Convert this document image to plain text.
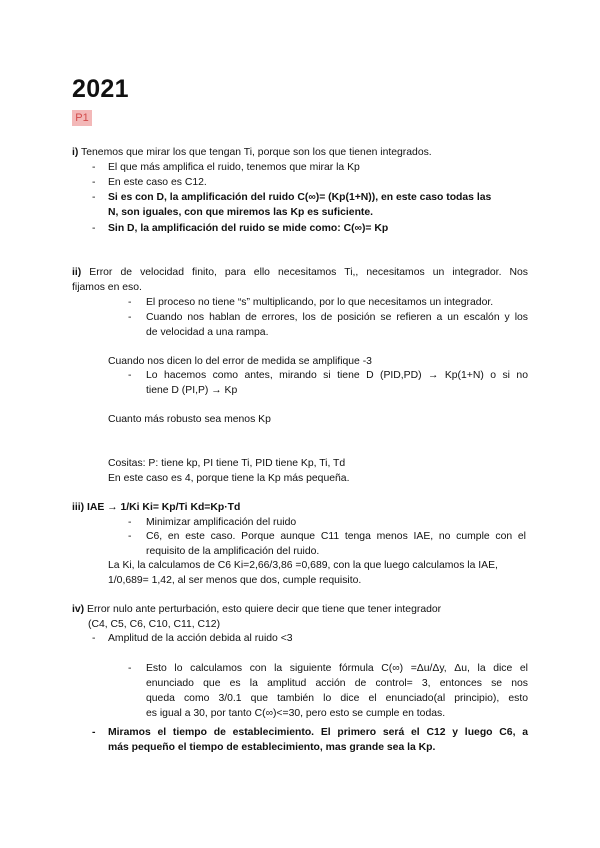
2021
P1
i) Tenemos que mirar los que tengan Ti, porque son los que tienen integrados.
- El que más amplifica el ruido, tenemos que mirar la Kp
- En este caso es C12.
- Si es con D, la amplificación del ruido C(∞)= (Kp(1+N)), en este caso todas las
N, son iguales, con que miremos las Kp es suficiente.
- Sin D, la amplificación del ruido se mide como: C(∞)= Kp
ii) Error de velocidad finito, para ello necesitamos Ti,, necesitamos un integrador. Nos
fijamos en eso.
- El proceso no tiene “s” multiplicando, por lo que necesitamos un integrador.
- Cuando nos hablan de errores, los de posición se refieren a un escalón y los
de velocidad a una rampa.
Cuando nos dicen lo del error de medida se amplifique -3
- Lo hacemos como antes, mirando si tiene D (PID,PD) → Kp(1+N) o si no
tiene D (PI,P) → Kp
Cuanto más robusto sea menos Kp
Cositas: P: tiene kp, PI tiene Ti, PID tiene Kp, Ti, Td
En este caso es 4, porque tiene la Kp más pequeña.
iii) IAE → 1/Ki Ki= Kp/Ti Kd=Kp·Td
- Minimizar amplificación del ruido
- C6, en este caso. Porque aunque C11 tenga menos IAE, no cumple con el
requisito de la amplificación del ruido.
La Ki, la calculamos de C6 Ki=2,66/3,86 =0,689, con la que luego calculamos la IAE,
1/0,689= 1,42, al ser menos que dos, cumple requisito.
iv) Error nulo ante perturbación, esto quiere decir que tiene que tener integrador
(C4, C5, C6, C10, C11, C12)
- Amplitud de la acción debida al ruido <3
- Esto lo calculamos con la siguiente fórmula C(∞) =Δu/Δy, Δu, la dice el
enunciado que es la amplitud acción de control= 3, entonces se nos
queda como 3/0.1 que también lo dice el enunciado(al principio), esto
es igual a 30, por tanto C(∞)<=30, pero esto se cumple en todas.
- Miramos el tiempo de establecimiento. El primero será el C12 y luego C6, a
más pequeño el tiempo de establecimiento, mas grande sea la Kp.
